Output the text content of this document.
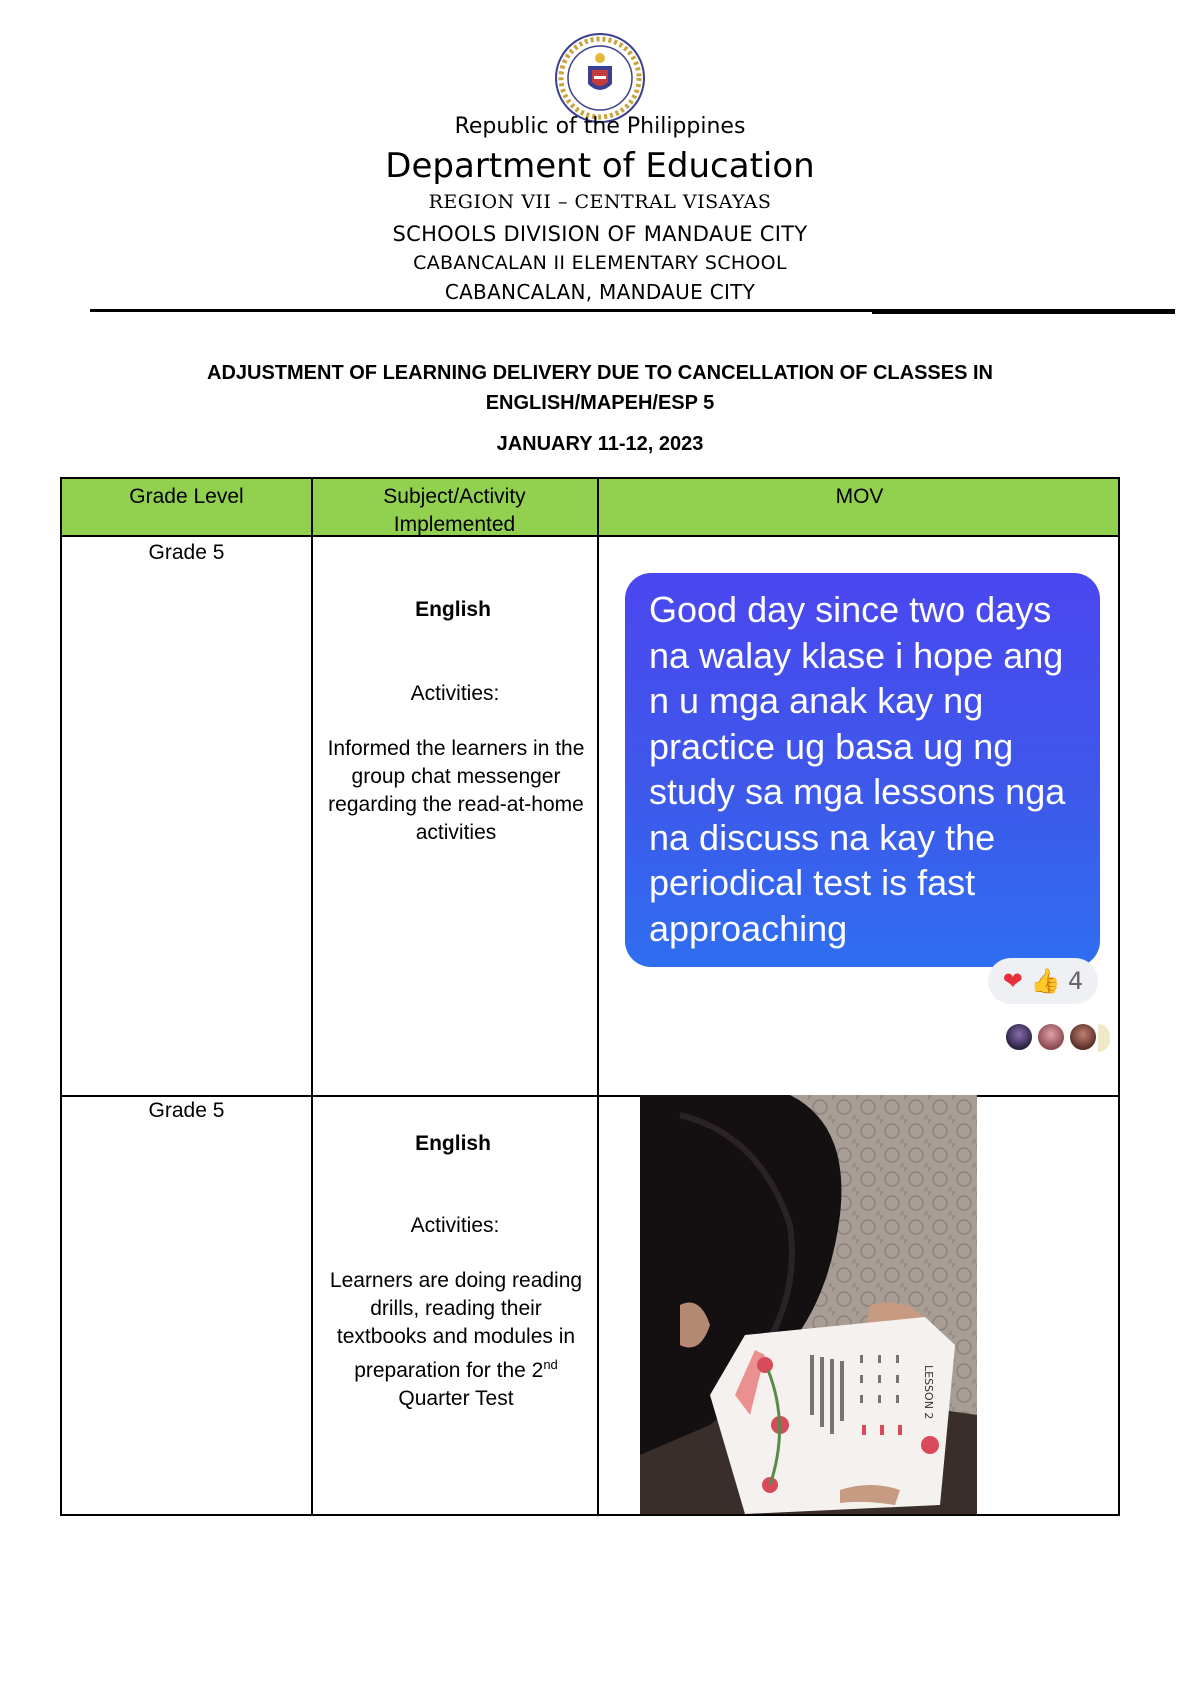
Republic of the Philippines
Department of Education
REGION VII – CENTRAL VISAYAS
SCHOOLS DIVISION OF MANDAUE CITY
CABANCALAN II ELEMENTARY SCHOOL
CABANCALAN, MANDAUE CITY
ADJUSTMENT OF LEARNING DELIVERY DUE TO CANCELLATION OF CLASSES IN ENGLISH/MAPEH/ESP 5
JANUARY 11-12, 2023
Grade Level	Subject/Activity Implemented
MOV
Grade 5
English
Activities:
Informed the learners in the group chat messenger regarding the read-at-home activities
Grade 5
English
Activities:
Learners are doing reading drills, reading their textbooks and modules in preparation for the 2nd Quarter Test
Good day since two days na walay klase i hope ang n u mga anak kay ng practice ug basa ug ng study sa mga lessons nga na discuss na kay the periodical test is fast approaching
❤ 👍 4
LESSON 2
